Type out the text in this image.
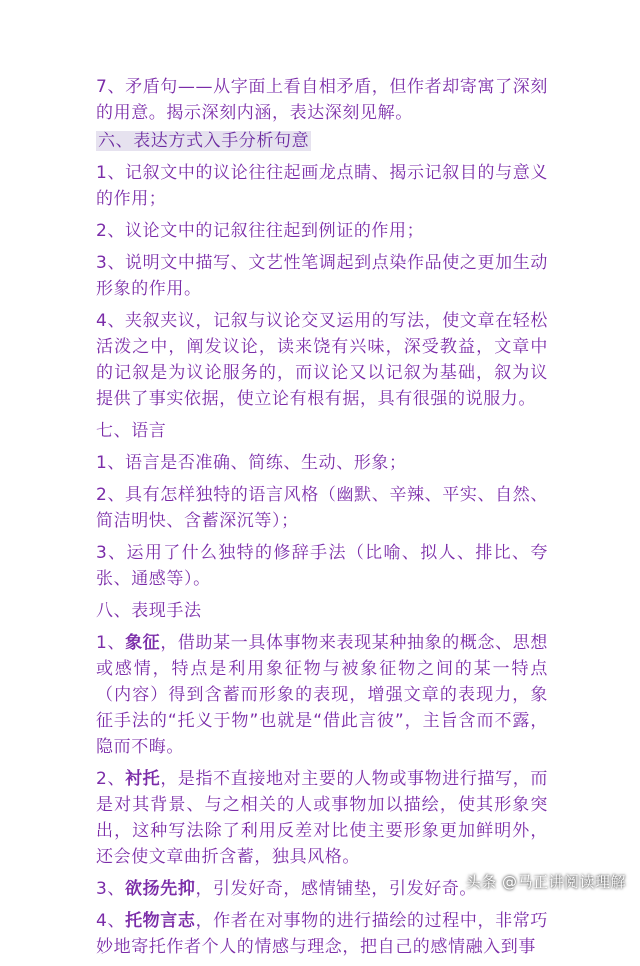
7、矛盾句——从字面上看自相矛盾，但作者却寄寓了深刻的用意。揭示深刻内涵，表达深刻见解。

六、表达方式入手分析句意

1、记叙文中的议论往往起画龙点睛、揭示记叙目的与意义的作用；

2、议论文中的记叙往往起到例证的作用；

3、说明文中描写、文艺性笔调起到点染作品使之更加生动形象的作用。

4、夹叙夹议，记叙与议论交叉运用的写法，使文章在轻松活泼之中，阐发议论，读来饶有兴味，深受教益，文章中的记叙是为议论服务的，而议论又以记叙为基础，叙为议提供了事实依据，使立论有根有据，具有很强的说服力。

七、语言

1、语言是否准确、简练、生动、形象；

2、具有怎样独特的语言风格（幽默、辛辣、平实、自然、简洁明快、含蓄深沉等）；

3、运用了什么独特的修辞手法（比喻、拟人、排比、夸张、通感等）。

八、表现手法

1、象征，借助某一具体事物来表现某种抽象的概念、思想或感情，特点是利用象征物与被象征物之间的某一特点（内容）得到含蓄而形象的表现，增强文章的表现力，象征手法的“托义于物”也就是“借此言彼”，主旨含而不露，隐而不晦。

2、衬托，是指不直接地对主要的人物或事物进行描写，而是对其背景、与之相关的人或事物加以描绘，使其形象突出，这种写法除了利用反差对比使主要形象更加鲜明外，还会使文章曲折含蓄，独具风格。

3、欲扬先抑，引发好奇，感情铺垫，引发好奇。

4、托物言志，作者在对事物的进行描绘的过程中，非常巧妙地寄托作者个人的情感与理念，把自己的感情融入到事

头条 @马正讲阅读理解
